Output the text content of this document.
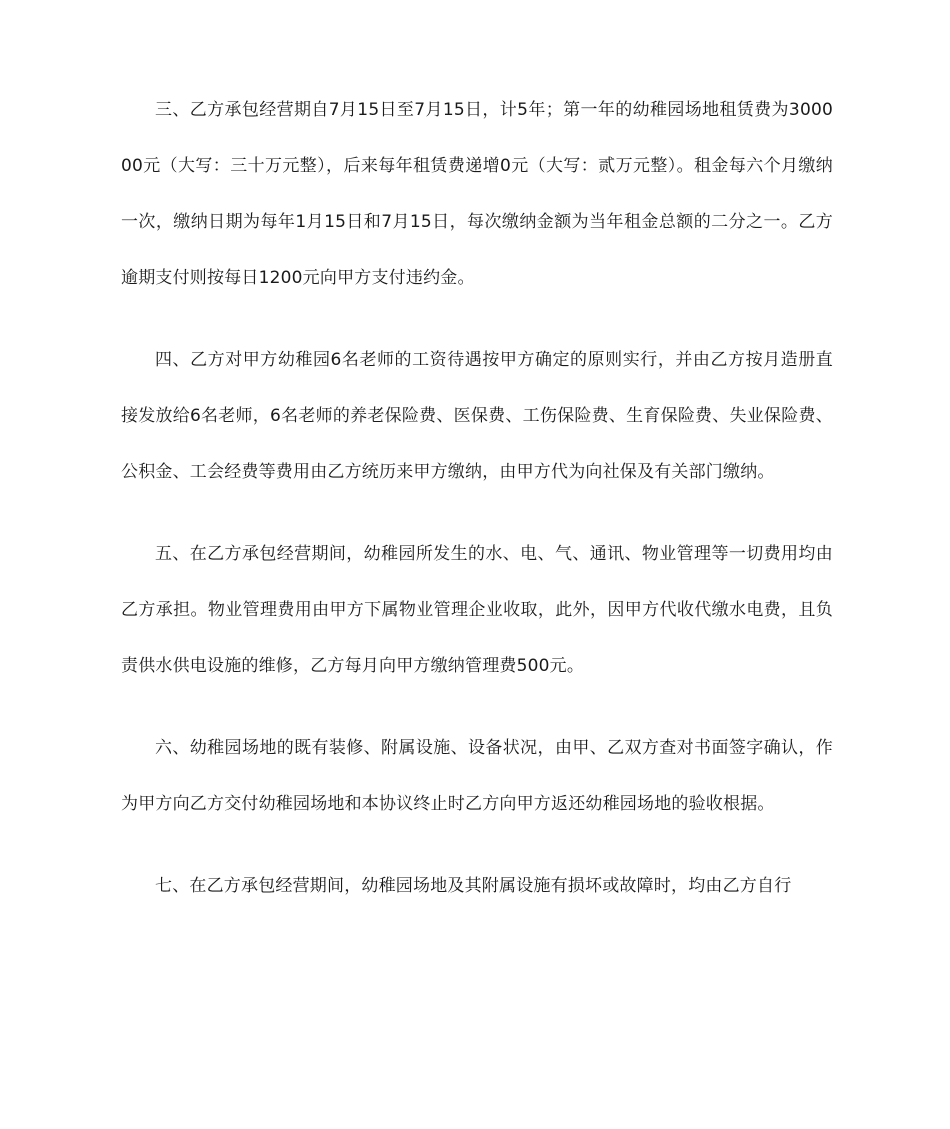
三、乙方承包经营期自7月15日至7月15日，计5年；第一年的幼稚园场地租赁费为300000元（大写：三十万元整），后来每年租赁费递增0元（大写：贰万元整）。租金每六个月缴纳一次，缴纳日期为每年1月15日和7月15日，每次缴纳金额为当年租金总额的二分之一。乙方逾期支付则按每日1200元向甲方支付违约金。

四、乙方对甲方幼稚园6名老师的工资待遇按甲方确定的原则实行，并由乙方按月造册直接发放给6名老师，6名老师的养老保险费、医保费、工伤保险费、生育保险费、失业保险费、公积金、工会经费等费用由乙方统历来甲方缴纳，由甲方代为向社保及有关部门缴纳。

五、在乙方承包经营期间，幼稚园所发生的水、电、气、通讯、物业管理等一切费用均由乙方承担。物业管理费用由甲方下属物业管理企业收取，此外，因甲方代收代缴水电费，且负责供水供电设施的维修，乙方每月向甲方缴纳管理费500元。

六、幼稚园场地的既有装修、附属设施、设备状况，由甲、乙双方查对书面签字确认，作为甲方向乙方交付幼稚园场地和本协议终止时乙方向甲方返还幼稚园场地的验收根据。

七、在乙方承包经营期间，幼稚园场地及其附属设施有损坏或故障时，均由乙方自行
